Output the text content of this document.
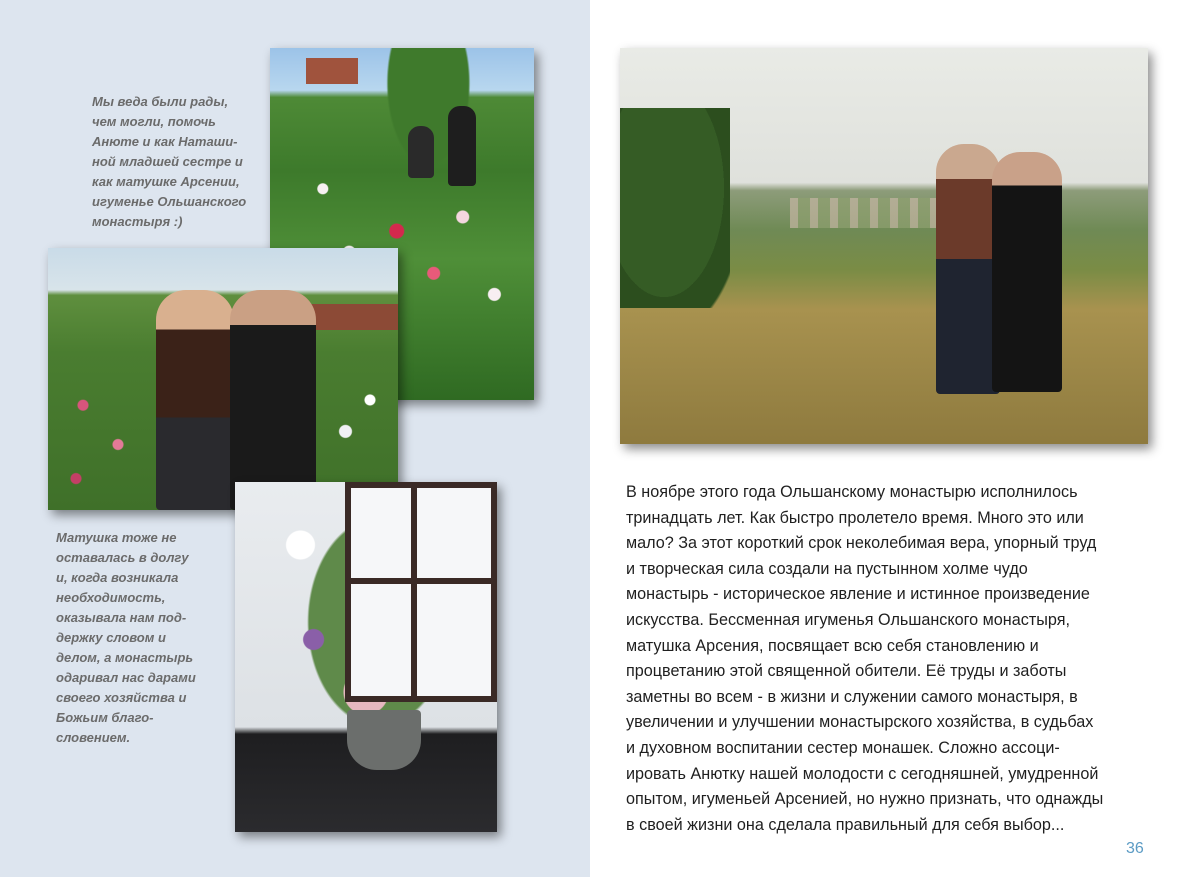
Мы веда были рады,
чем могли, помочь
Анюте и как Наташи-
ной младшей сестре и
как матушке Арсении,
игуменье Ольшанского
монастыря :)

Матушка тоже не
оставалась в долгу
и, когда возникала
необходимость,
оказывала нам под-
держку словом и
делом, а монастырь
одаривал нас дарами
своего хозяйства и
Божьим благо-
словением.

В ноябре этого года Ольшанскому монастырю исполнилось
тринадцать лет. Как быстро пролетело время. Много это или
мало? За этот короткий срок неколебимая вера, упорный труд
и творческая сила создали на пустынном холме чудо
монастырь - историческое явление и истинное произведение
искусства. Бессменная игуменья Ольшанского монастыря,
матушка Арсения, посвящает всю себя становлению и
процветанию этой священной обители. Её труды и заботы
заметны во всем - в жизни и служении самого монастыря, в
увеличении и улучшении монастырского хозяйства, в судьбах
и духовном воспитании сестер монашек. Сложно ассоци-
ировать Анютку нашей молодости с сегодняшней, умудренной
опытом, игуменьей Арсенией, но нужно признать, что однажды
в своей жизни она сделала правильный для себя выбор...

36
